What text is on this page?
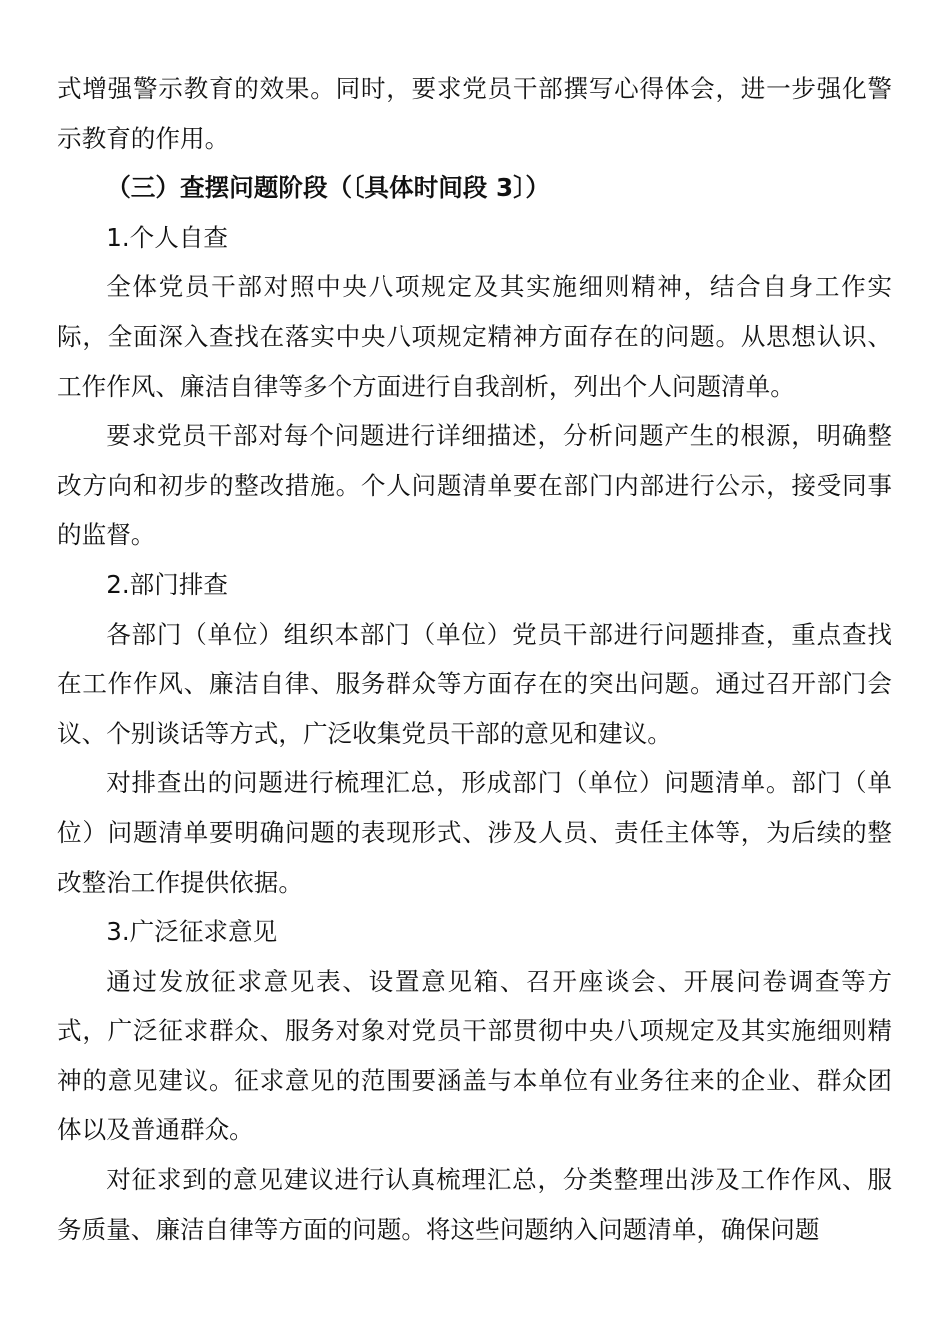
式增强警示教育的效果。同时，要求党员干部撰写心得体会，进一步强化警示教育的作用。

（三）查摆问题阶段（〔具体时间段 3〕）

1.个人自查

全体党员干部对照中央八项规定及其实施细则精神，结合自身工作实际，全面深入查找在落实中央八项规定精神方面存在的问题。从思想认识、工作作风、廉洁自律等多个方面进行自我剖析，列出个人问题清单。

要求党员干部对每个问题进行详细描述，分析问题产生的根源，明确整改方向和初步的整改措施。个人问题清单要在部门内部进行公示，接受同事的监督。

2.部门排查

各部门（单位）组织本部门（单位）党员干部进行问题排查，重点查找在工作作风、廉洁自律、服务群众等方面存在的突出问题。通过召开部门会议、个别谈话等方式，广泛收集党员干部的意见和建议。

对排查出的问题进行梳理汇总，形成部门（单位）问题清单。部门（单位）问题清单要明确问题的表现形式、涉及人员、责任主体等，为后续的整改整治工作提供依据。

3.广泛征求意见

通过发放征求意见表、设置意见箱、召开座谈会、开展问卷调查等方式，广泛征求群众、服务对象对党员干部贯彻中央八项规定及其实施细则精神的意见建议。征求意见的范围要涵盖与本单位有业务往来的企业、群众团体以及普通群众。

对征求到的意见建议进行认真梳理汇总，分类整理出涉及工作作风、服务质量、廉洁自律等方面的问题。将这些问题纳入问题清单，确保问题
